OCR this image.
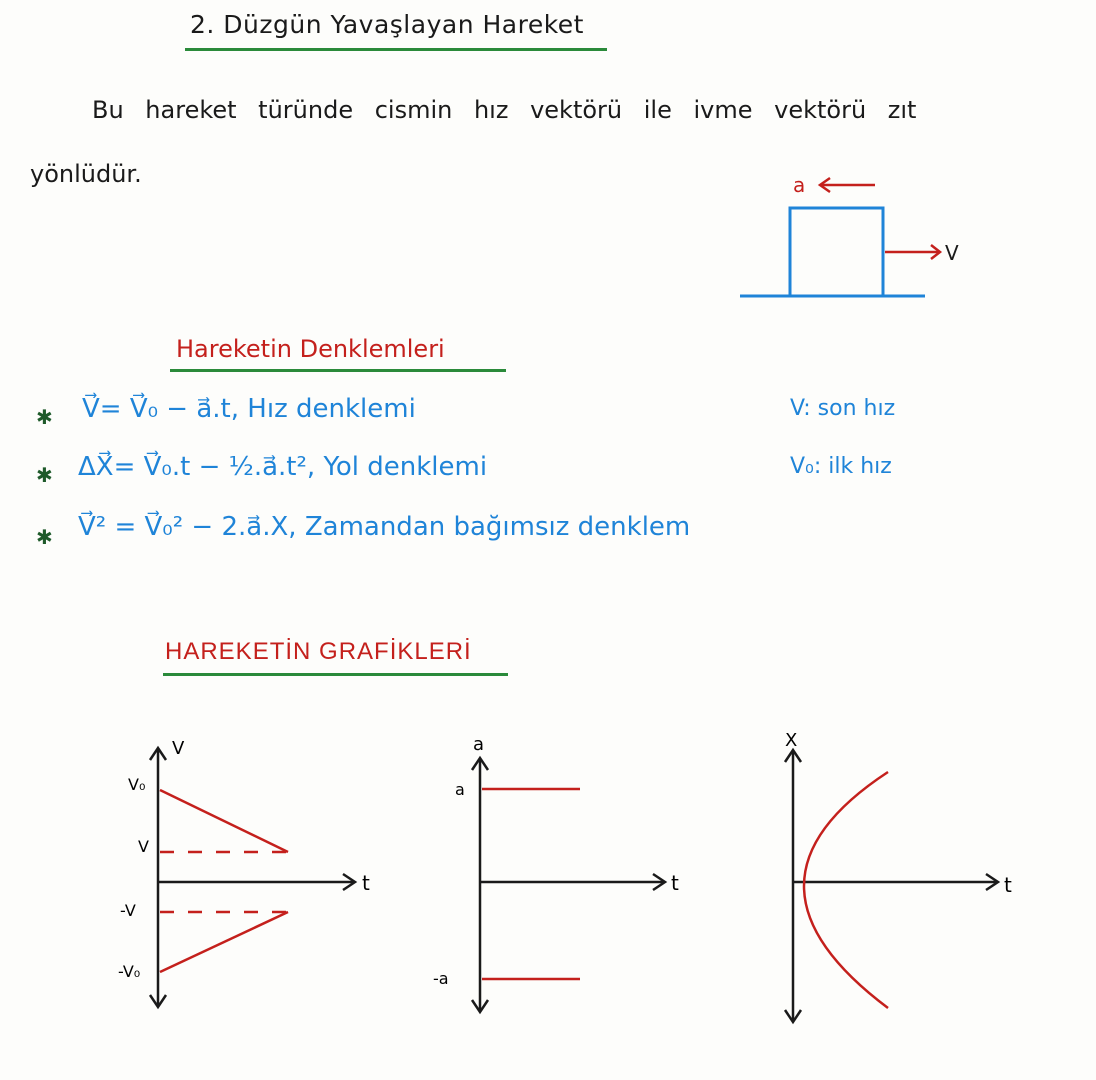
2. Düzgün Yavaşlayan Hareket
Bu hareket türünde cismin hız vektörü ile ivme vektörü zıt
yönlüdür.	a
V
Hareketin Denklemleri
✱ V⃗= V⃗₀ − a⃗.t, Hız denklemi
✱ ΔX⃗= V⃗₀.t − ½.a⃗.t², Yol denklemi
✱ V⃗² = V⃗₀² − 2.a⃗.X, Zamandan bağımsız denklem
V: son hız
V₀: ilk hız
HAREKETİN GRAFİKLERİ
V
t
V₀
V
-V
-V₀
a
t
a
-a
X
t
